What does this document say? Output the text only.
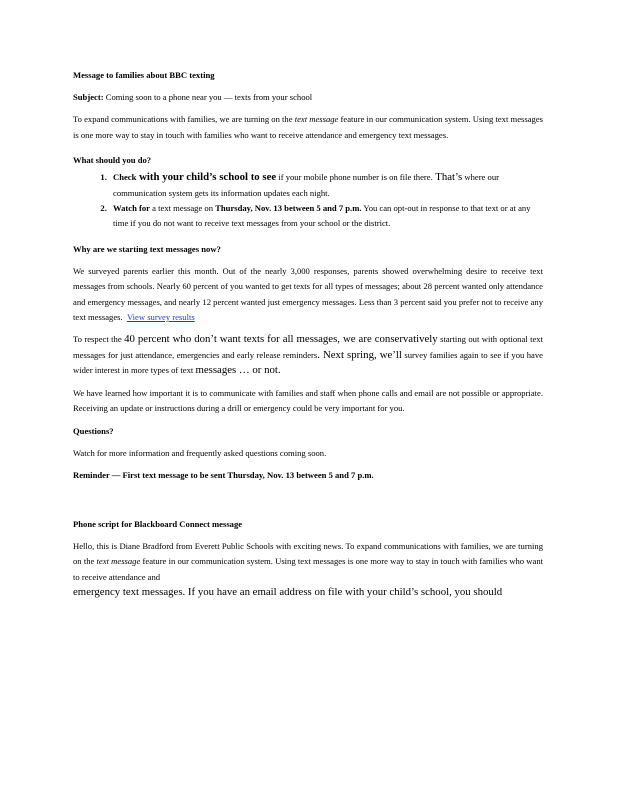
Message to families about BBC texting

Subject: Coming soon to a phone near you — texts from your school

To expand communications with families, we are turning on the text message feature in our communication system. Using text messages is one more way to stay in touch with families who want to receive attendance and emergency text messages.

What should you do?

1. Check with your child’s school to see if your mobile phone number is on file there. That’s where our communication system gets its information updates each night.
2. Watch for a text message on Thursday, Nov. 13 between 5 and 7 p.m. You can opt-out in response to that text or at any time if you do not want to receive text messages from your school or the district.

Why are we starting text messages now?

We surveyed parents earlier this month. Out of the nearly 3,000 responses, parents showed overwhelming desire to receive text messages from schools. Nearly 60 percent of you wanted to get texts for all types of messages; about 28 percent wanted only attendance and emergency messages, and nearly 12 percent wanted just emergency messages. Less than 3 percent said you prefer not to receive any text messages. View survey results

To respect the 40 percent who don’t want texts for all messages, we are conservatively starting out with optional text messages for just attendance, emergencies and early release reminders. Next spring, we’ll survey families again to see if you have wider interest in more types of text messages … or not.

We have learned how important it is to communicate with families and staff when phone calls and email are not possible or appropriate. Receiving an update or instructions during a drill or emergency could be very important for you.

Questions?

Watch for more information and frequently asked questions coming soon.

Reminder — First text message to be sent Thursday, Nov. 13 between 5 and 7 p.m.

Phone script for Blackboard Connect message

Hello, this is Diane Bradford from Everett Public Schools with exciting news. To expand communications with families, we are turning on the text message feature in our communication system. Using text messages is one more way to stay in touch with families who want to receive attendance and

emergency text messages. If you have an email address on file with your child’s school, you should
